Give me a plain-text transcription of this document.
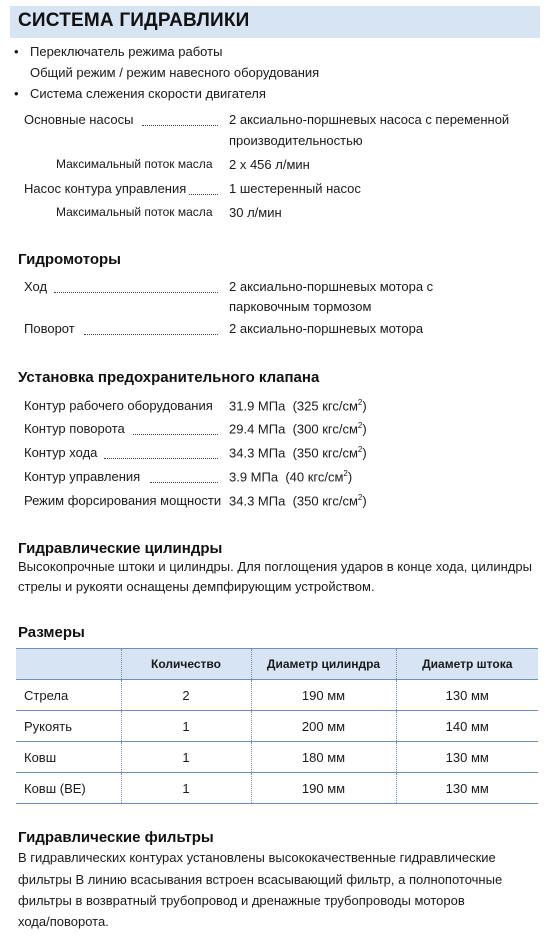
СИСТЕМА ГИДРАВЛИКИ
• Переключатель режима работы
Общий режим / режим навесного оборудования
• Система слежения скорости двигателя
Основные насосы	2 аксиально-поршневых насоса с переменной
производительностью
Максимальный поток масла 2 х 456 л/мин
Насос контура управления	1 шестеренный насос
Максимальный поток масла 30 л/мин
Гидромоторы
Ход	2 аксиально-поршневых мотора с
парковочным тормозом
Поворот	2 аксиально-поршневых мотора
Установка предохранительного клапана
Контур рабочего оборудования 31.9 МПа (325 кгс/$см^2$)
Контур поворота	29.4 МПа (300 кгс/$см^2$)
Контур хода	34.3 МПа (350 кгс/$см^2$)
Контур управления	3.9 МПа (40 кгс/$см^2$)
Режим форсирования мощности 34.3 МПа (350 кгс/$см^2$)
Гидравлические цилиндры
Высокопрочные штоки и цилиндры. Для поглощения ударов в конце хода, цилиндры стрелы и рукояти оснащены демпфирующим устройством.
Размеры
	Количество	Диаметр цилиндра	Диаметр штока
Стрела	2	190 мм	130 мм
Рукоять	1	200 мм	140 мм
Ковш	1	180 мм	130 мм
Ковш (BE)	1	190 мм	130 мм
Гидравлические фильтры
В гидравлических контурах установлены высококачественные гидравлические
фильтры В линию всасывания встроен всасывающий фильтр, а полнопоточные
фильтры в возвратный трубопровод и дренажные трубопроводы моторов
хода/поворота.
